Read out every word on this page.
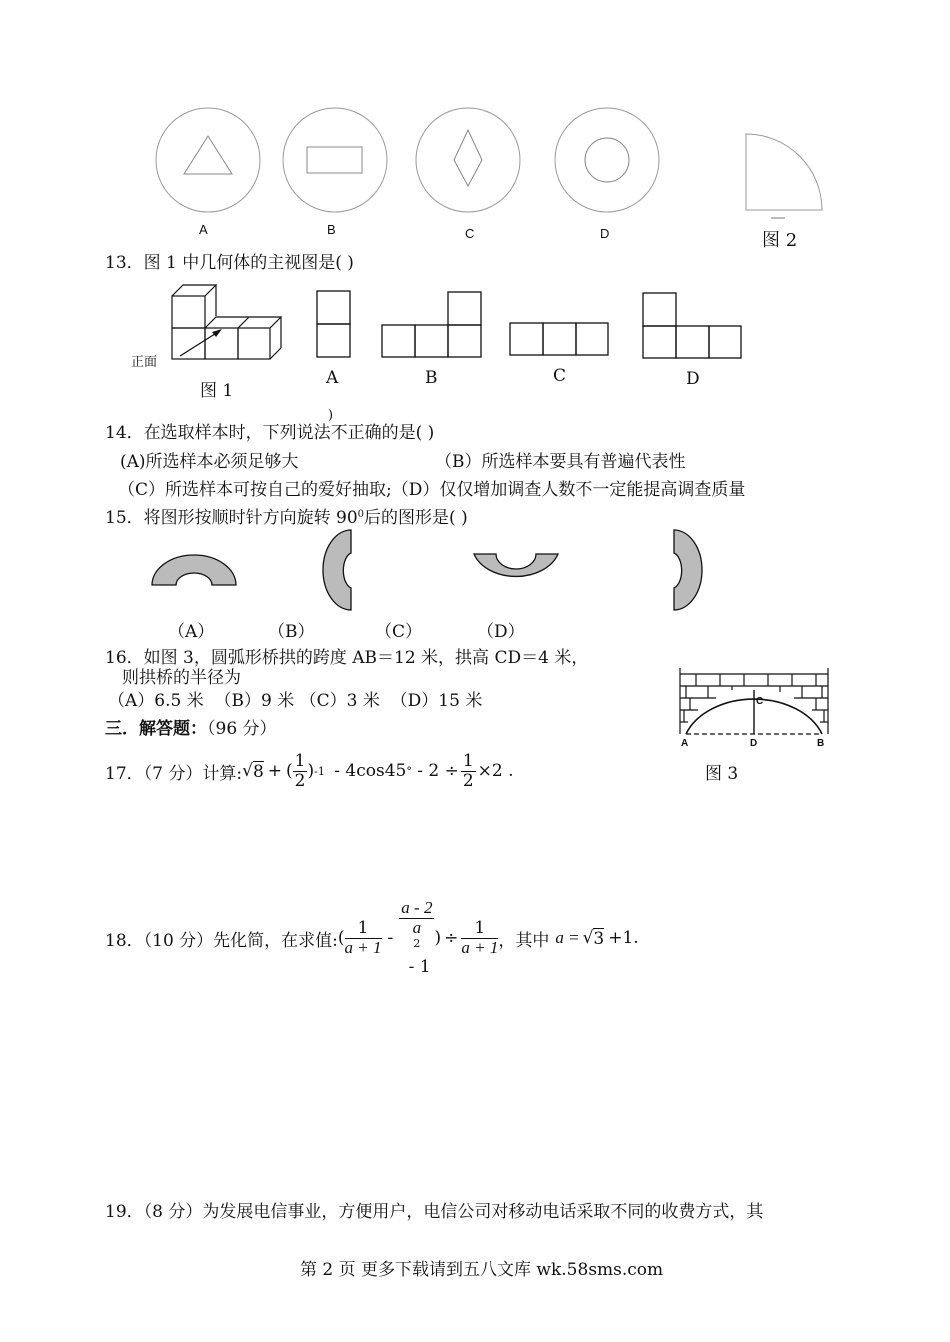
A	B	C	D	图 2
13．图 1 中几何体的主视图是( )
正面
图 1
A	B	C	D
)
14．在选取样本时，下列说法不正确的是( )
(A)所选样本必须足够大	（B）所选样本要具有普遍代表性
（C）所选样本可按自己的爱好抽取;（D）仅仅增加调查人数不一定能提高调查质量
15．将图形按顺时针方向旋转 $90^0$后的图形是( )
（A）	（B）	（C）	（D）
16．如图 3，圆弧形桥拱的跨度 AB＝12 米，拱高 CD＝4 米，
则拱桥的半径为
（A）6.5 米  （B）9 米 （C）3 米  （D）15 米
A	B
C
D
图 3
三．解答题：（96 分）
17．（7 分）计算: √ 8 + ( $\frac{1}{2}$ ) -1 - 4cos45 ° - $2 \div \frac{1}{2} \times 2$ .
18．（10 分）先化简，在求值: ( $\frac{1}{a + 1}$ - a - 2
a
$^2$
- 1 ) ÷ $\frac{1}{a + 1}$ ，其中 a = √ 3 +1.
19．（8 分）为发展电信事业，方便用户，电信公司对移动电话采取不同的收费方式，其
第 2 页 更多下载请到五八文库 wk.58sms.com
